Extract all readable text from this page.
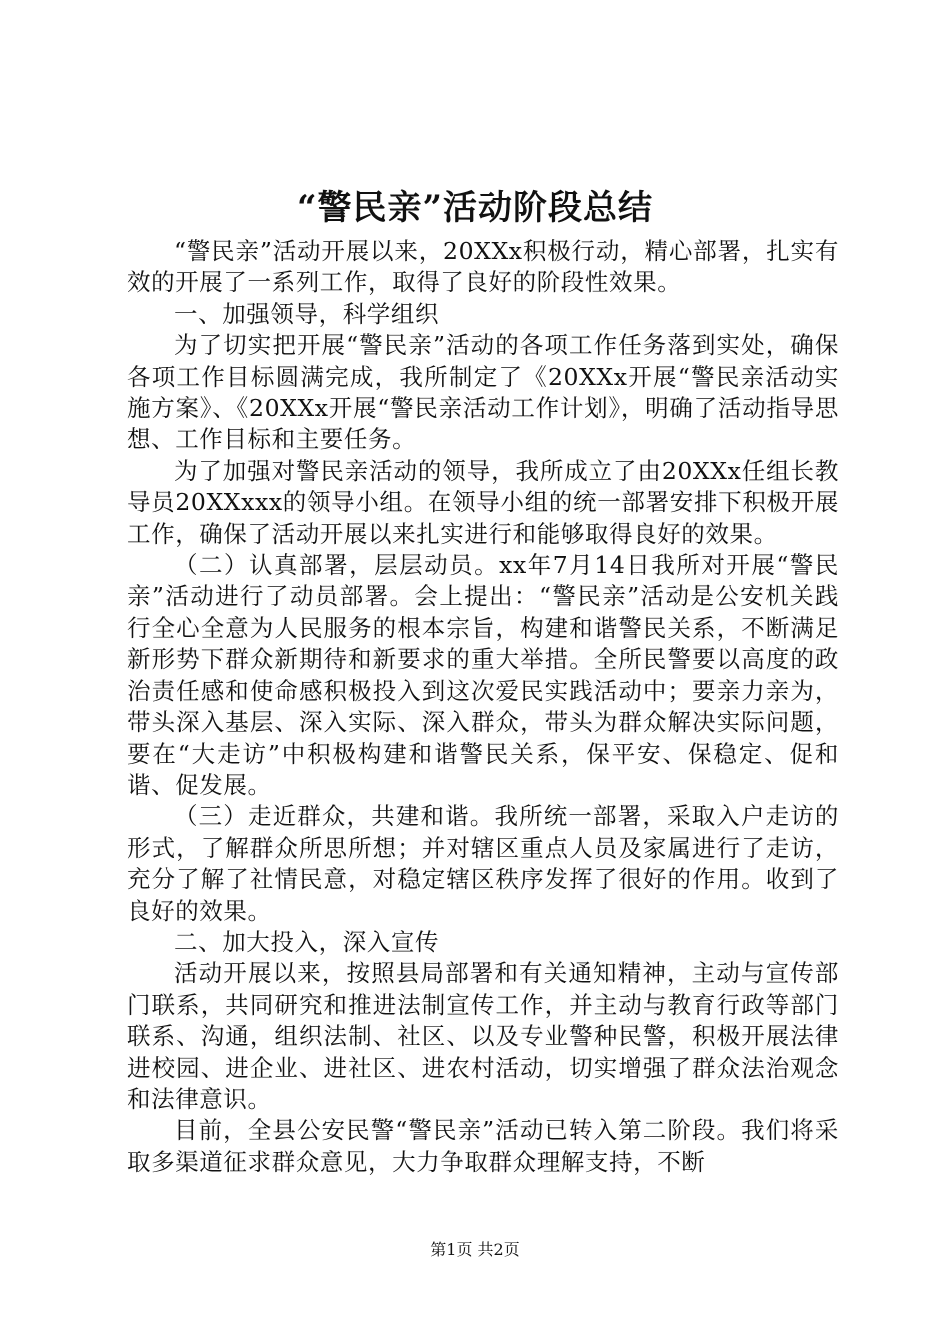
“警民亲”活动阶段总结

“警民亲”活动开展以来，20XXx积极行动，精心部署，扎实有效的开展了一系列工作，取得了良好的阶段性效果。

一、加强领导，科学组织

为了切实把开展“警民亲”活动的各项工作任务落到实处，确保各项工作目标圆满完成，我所制定了《20XXx开展“警民亲活动实施方案》、《20XXx开展“警民亲活动工作计划》，明确了活动指导思想、工作目标和主要任务。

为了加强对警民亲活动的领导，我所成立了由20XXx任组长教导员20XXxxx的领导小组。在领导小组的统一部署安排下积极开展工作，确保了活动开展以来扎实进行和能够取得良好的效果。

（二）认真部署，层层动员。xx年7月14日我所对开展“警民亲”活动进行了动员部署。会上提出：“警民亲”活动是公安机关践行全心全意为人民服务的根本宗旨，构建和谐警民关系，不断满足新形势下群众新期待和新要求的重大举措。全所民警要以高度的政治责任感和使命感积极投入到这次爱民实践活动中；要亲力亲为，带头深入基层、深入实际、深入群众，带头为群众解决实际问题，要在“大走访”中积极构建和谐警民关系，保平安、保稳定、促和谐、促发展。

（三）走近群众，共建和谐。我所统一部署，采取入户走访的形式，了解群众所思所想；并对辖区重点人员及家属进行了走访，充分了解了社情民意，对稳定辖区秩序发挥了很好的作用。收到了良好的效果。

二、加大投入，深入宣传

活动开展以来，按照县局部署和有关通知精神，主动与宣传部门联系，共同研究和推进法制宣传工作，并主动与教育行政等部门联系、沟通，组织法制、社区、以及专业警种民警，积极开展法律进校园、进企业、进社区、进农村活动，切实增强了群众法治观念和法律意识。

目前，全县公安民警“警民亲”活动已转入第二阶段。我们将采取多渠道征求群众意见，大力争取群众理解支持，不断

第1页 共2页
